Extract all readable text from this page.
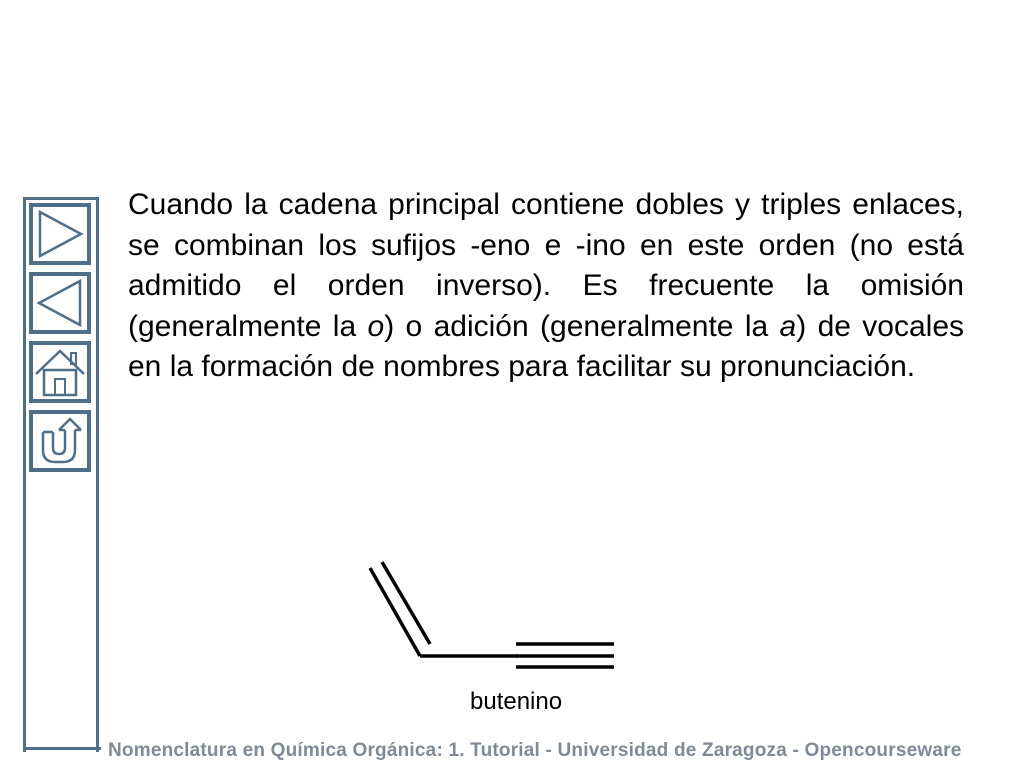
Cuando la cadena principal contiene dobles y triples enlaces, se combinan los sufijos -eno e -ino en este orden (no está admitido el orden inverso). Es frecuente la omisión (generalmente la o) o adición (generalmente la a) de vocales en la formación de nombres para facilitar su pronunciación.
butenino
Nomenclatura en Química Orgánica: 1. Tutorial - Universidad de Zaragoza - Opencourseware
